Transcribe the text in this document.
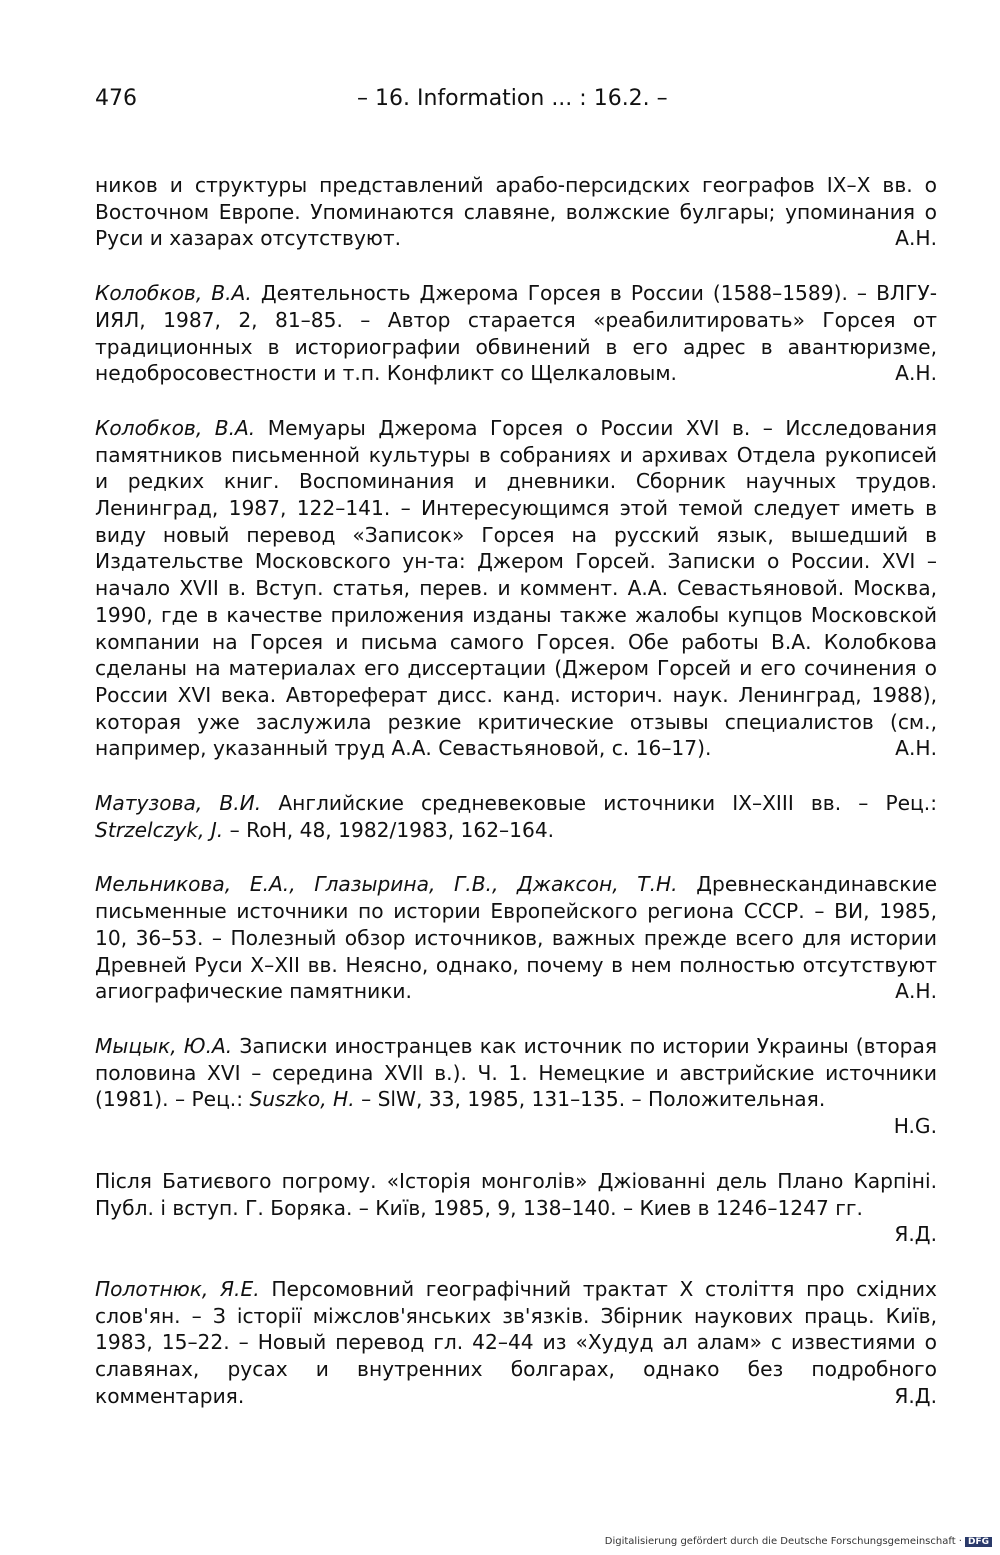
476	– 16. Information ... : 16.2. –

ников и структуры представлений арабо-персидских географов IX–X вв. о Восточном Европе. Упоминаются славяне, волжские булгары; упоминания о Руси и хазарах отсутствуют.	А.Н.

Колобков, В.А. Деятельность Джерома Горсея в России (1588–1589). – ВЛГУ-ИЯЛ, 1987, 2, 81–85. – Автор старается «реабилитировать» Горсея от традиционных в историографии обвинений в его адрес в авантюризме, недобросовестности и т.п. Конфликт со Щелкаловым.	А.Н.

Колобков, В.А. Мемуары Джерома Горсея о России XVI в. – Исследования памятников письменной культуры в собраниях и архивах Отдела рукописей и редких книг. Воспоминания и дневники. Сборник научных трудов. Ленинград, 1987, 122–141. – Интересующимся этой темой следует иметь в виду новый перевод «Записок» Горсея на русский язык, вышедший в Издательстве Московского ун-та: Джером Горсей. Записки о России. XVI – начало XVII в. Вступ. статья, перев. и коммент. А.А. Севастьяновой. Москва, 1990, где в качестве приложения изданы также жалобы купцов Московской компании на Горсея и письма самого Горсея. Обе работы В.А. Колобкова сделаны на материалах его диссертации (Джером Горсей и его сочинения о России XVI века. Автореферат дисс. канд. историч. наук. Ленинград, 1988), которая уже заслужила резкие критические отзывы специалистов (см., например, указанный труд А.А. Севастьяновой, с. 16–17).	А.Н.

Матузова, В.И. Английские средневековые источники IX–XIII вв. – Рец.: Strzelczyk, J. – RoH, 48, 1982/1983, 162–164.

Мельникова, Е.А., Глазырина, Г.В., Джаксон, Т.Н. Древнескандинавские письменные источники по истории Европейского региона СССР. – ВИ, 1985, 10, 36–53. – Полезный обзор источников, важных прежде всего для истории Древней Руси X–XII вв. Неясно, однако, почему в нем полностью отсутствуют агиографические памятники.	А.Н.

Мыцык, Ю.А. Записки иностранцев как источник по истории Украины (вторая половина XVI – середина XVII в.). Ч. 1. Немецкие и австрийские источники (1981). – Рец.: Suszko, H. – SlW, 33, 1985, 131–135. – Положительная.

H.G.

Після Батиєвого погрому. «Історія монголів» Джіованні дель Плано Карпіні. Публ. і вступ. Г. Боряка. – Київ, 1985, 9, 138–140. – Киев в 1246–1247 гг.

Я.Д.

Полотнюк, Я.Е. Персомовний географічний трактат X століття про східних слов'ян. – З історії міжслов'янських зв'язків. Збірник наукових праць. Київ, 1983, 15–22. – Новый перевод гл. 42–44 из «Худуд ал алам» с известиями о славянах, русах и внутренних болгарах, однако без подробного комментария.	Я.Д.

Digitalisierung gefördert durch die Deutsche Forschungsgemeinschaft · DFG
